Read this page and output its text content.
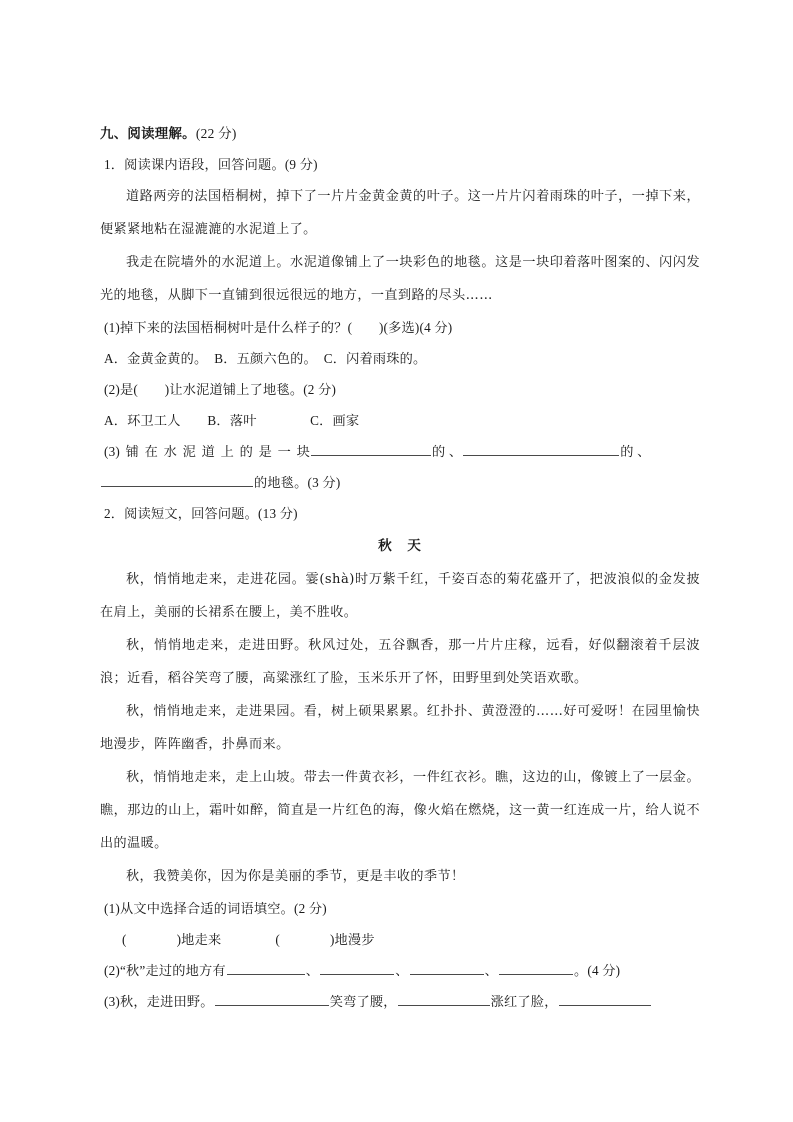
九、阅读理解。(22 分)
1．阅读课内语段，回答问题。(9 分)

道路两旁的法国梧桐树，掉下了一片片金黄金黄的叶子。这一片片闪着雨珠的叶子，一掉下来，便紧紧地粘在湿漉漉的水泥道上了。

我走在院墙外的水泥道上。水泥道像铺上了一块彩色的地毯。这是一块印着落叶图案的、闪闪发光的地毯，从脚下一直铺到很远很远的地方，一直到路的尽头……

(1)掉下来的法国梧桐树叶是什么样子的？(　　 )(多选)(4 分)
A．金黄金黄的。　B．五颜六色的。　C．闪着雨珠的。
(2)是(　　 )让水泥道铺上了地毯。(2 分)
A．环卫工人　　B．落叶　　　　C．画家
(3) 铺 在 水 泥 道 上 的 是 一 块	的 、	的 、
的地毯。(3 分)
2．阅读短文，回答问题。(13 分)
秋　天

秋，悄悄地走来，走进花园。霎(shà)时万紫千红，千姿百态的菊花盛开了，把波浪似的金发披在肩上，美丽的长裙系在腰上，美不胜收。

秋，悄悄地走来，走进田野。秋风过处，五谷飘香，那一片片庄稼，远看，好似翻滚着千层波浪；近看，稻谷笑弯了腰，高粱涨红了脸，玉米乐开了怀，田野里到处笑语欢歌。

秋，悄悄地走来，走进果园。看，树上硕果累累。红扑扑、黄澄澄的……好可爱呀！在园里愉快地漫步，阵阵幽香，扑鼻而来。

秋，悄悄地走来，走上山坡。带去一件黄衣衫，一件红衣衫。瞧，这边的山，像镀上了一层金。瞧，那边的山上，霜叶如醉，简直是一片红色的海，像火焰在燃烧，这一黄一红连成一片，给人说不出的温暖。

秋，我赞美你，因为你是美丽的季节，更是丰收的季节！

(1)从文中选择合适的词语填空。(2 分)
(	)地走来	(	)地漫步
(2)“秋”走过的地方有	、	、	、	。(4 分)
(3)秋，走进田野。	笑弯了腰，	涨红了脸，
